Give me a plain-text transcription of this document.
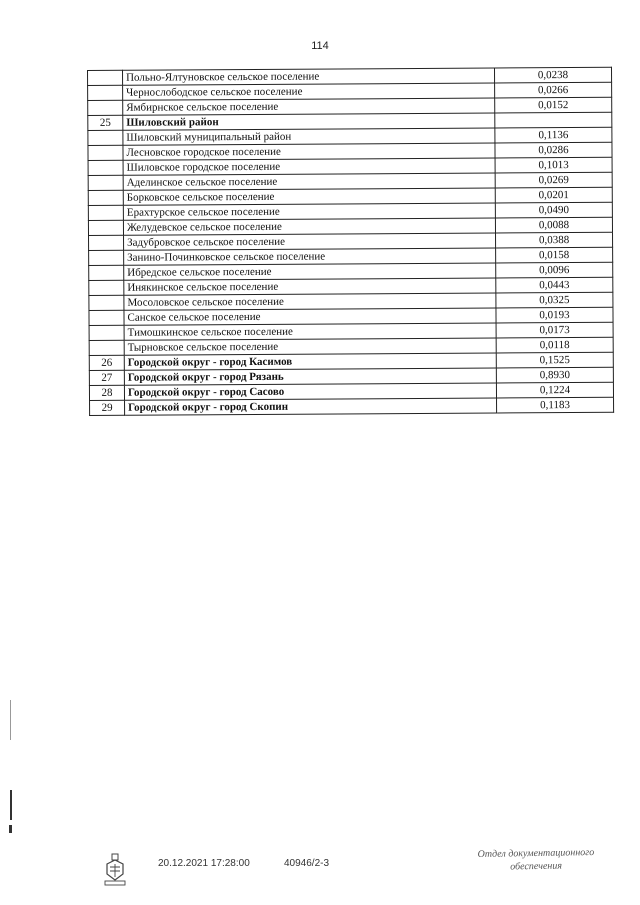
114
	Польно-Ялтуновское сельское поселение	0,0238
	Чернослободское сельское поселение	0,0266
	Ямбирнское сельское поселение	0,0152
25	Шиловский район	
	Шиловский муниципальный район	0,1136
	Лесновское городское поселение	0,0286
	Шиловское городское поселение	0,1013
	Аделинское сельское поселение	0,0269
	Борковское сельское поселение	0,0201
	Ерахтурское сельское поселение	0,0490
	Желудевское сельское поселение	0,0088
	Задубровское сельское поселение	0,0388
	Занино-Починковское сельское поселение	0,0158
	Ибредское сельское поселение	0,0096
	Инякинское сельское поселение	0,0443
	Мосоловское сельское поселение	0,0325
	Санское сельское поселение	0,0193
	Тимошкинское сельское поселение	0,0173
	Тырновское сельское поселение	0,0118
26	Городской округ - город Касимов	0,1525
27	Городской округ - город Рязань	0,8930
28	Городской округ - город Сасово	0,1224
29	Городской округ - город Скопин	0,1183
20.12.2021 17:28:00	40946/2-3
Отдел документационного
обеспечения
